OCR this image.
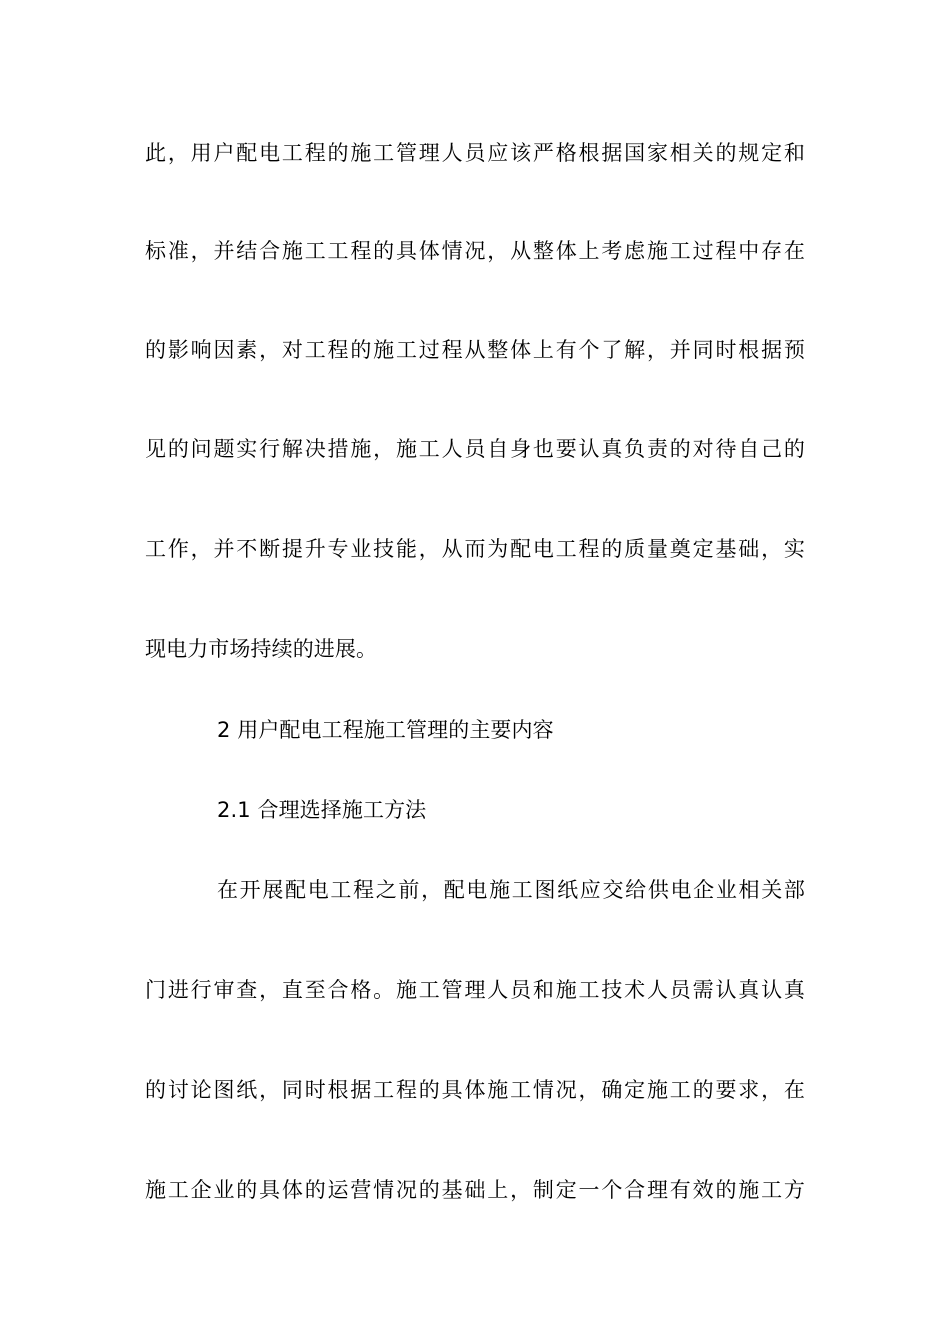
此，用户配电工程的施工管理人员应该严格根据国家相关的规定和
标准，并结合施工工程的具体情况，从整体上考虑施工过程中存在
的影响因素，对工程的施工过程从整体上有个了解，并同时根据预
见的问题实行解决措施，施工人员自身也要认真负责的对待自己的
工作，并不断提升专业技能，从而为配电工程的质量奠定基础，实
现电力市场持续的进展。
2 用户配电工程施工管理的主要内容
2.1 合理选择施工方法
在开展配电工程之前，配电施工图纸应交给供电企业相关部
门进行审查，直至合格。施工管理人员和施工技术人员需认真认真
的讨论图纸，同时根据工程的具体施工情况，确定施工的要求，在
施工企业的具体的运营情况的基础上，制定一个合理有效的施工方
